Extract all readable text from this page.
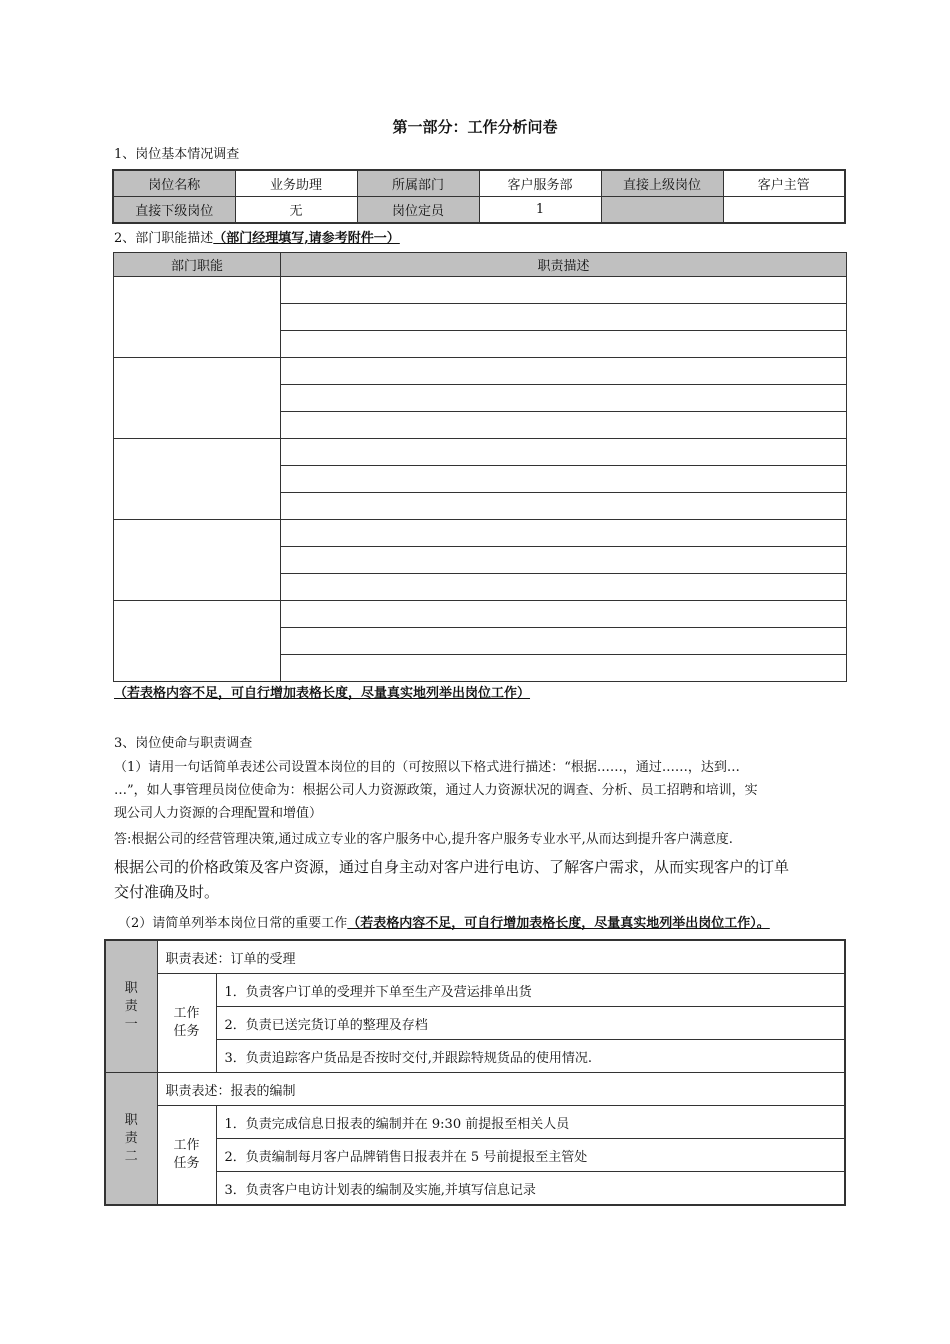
第一部分：工作分析问卷
1、岗位基本情况调查
岗位名称	业务助理	所属部门	客户服务部	直接上级岗位	客户主管
直接下级岗位	无	岗位定员	1		
2、部门职能描述（部门经理填写,请参考附件一）
部门职能	职责描述

（若表格内容不足，可自行增加表格长度，尽量真实地列举出岗位工作）
3、岗位使命与职责调查
（1）请用一句话简单表述公司设置本岗位的目的（可按照以下格式进行描述：“根据……，通过……，达到…
…”，如人事管理员岗位使命为：根据公司人力资源政策，通过人力资源状况的调查、分析、员工招聘和培训，实
现公司人力资源的合理配置和增值）
答:根据公司的经营管理决策,通过成立专业的客户服务中心,提升客户服务专业水平,从而达到提升客户满意度.
根据公司的价格政策及客户资源，通过自身主动对客户进行电访、了解客户需求，从而实现客户的订单
交付准确及时。
（2）请简单列举本岗位日常的重要工作（若表格内容不足，可自行增加表格长度，尽量真实地列举出岗位工作）。
职
责
一	职责表述：订单的受理	
	工作
任务	1．负责客户订单的受理并下单至生产及营运排单出货
		2．负责已送完货订单的整理及存档
		3．负责追踪客户货品是否按时交付,并跟踪特规货品的使用情况.
职
责
二	职责表述：报表的编制	
	工作
任务	1．负责完成信息日报表的编制并在 9:30 前提报至相关人员
		2．负责编制每月客户品牌销售日报表并在 5 号前提报至主管处
		3．负责客户电访计划表的编制及实施,并填写信息记录
